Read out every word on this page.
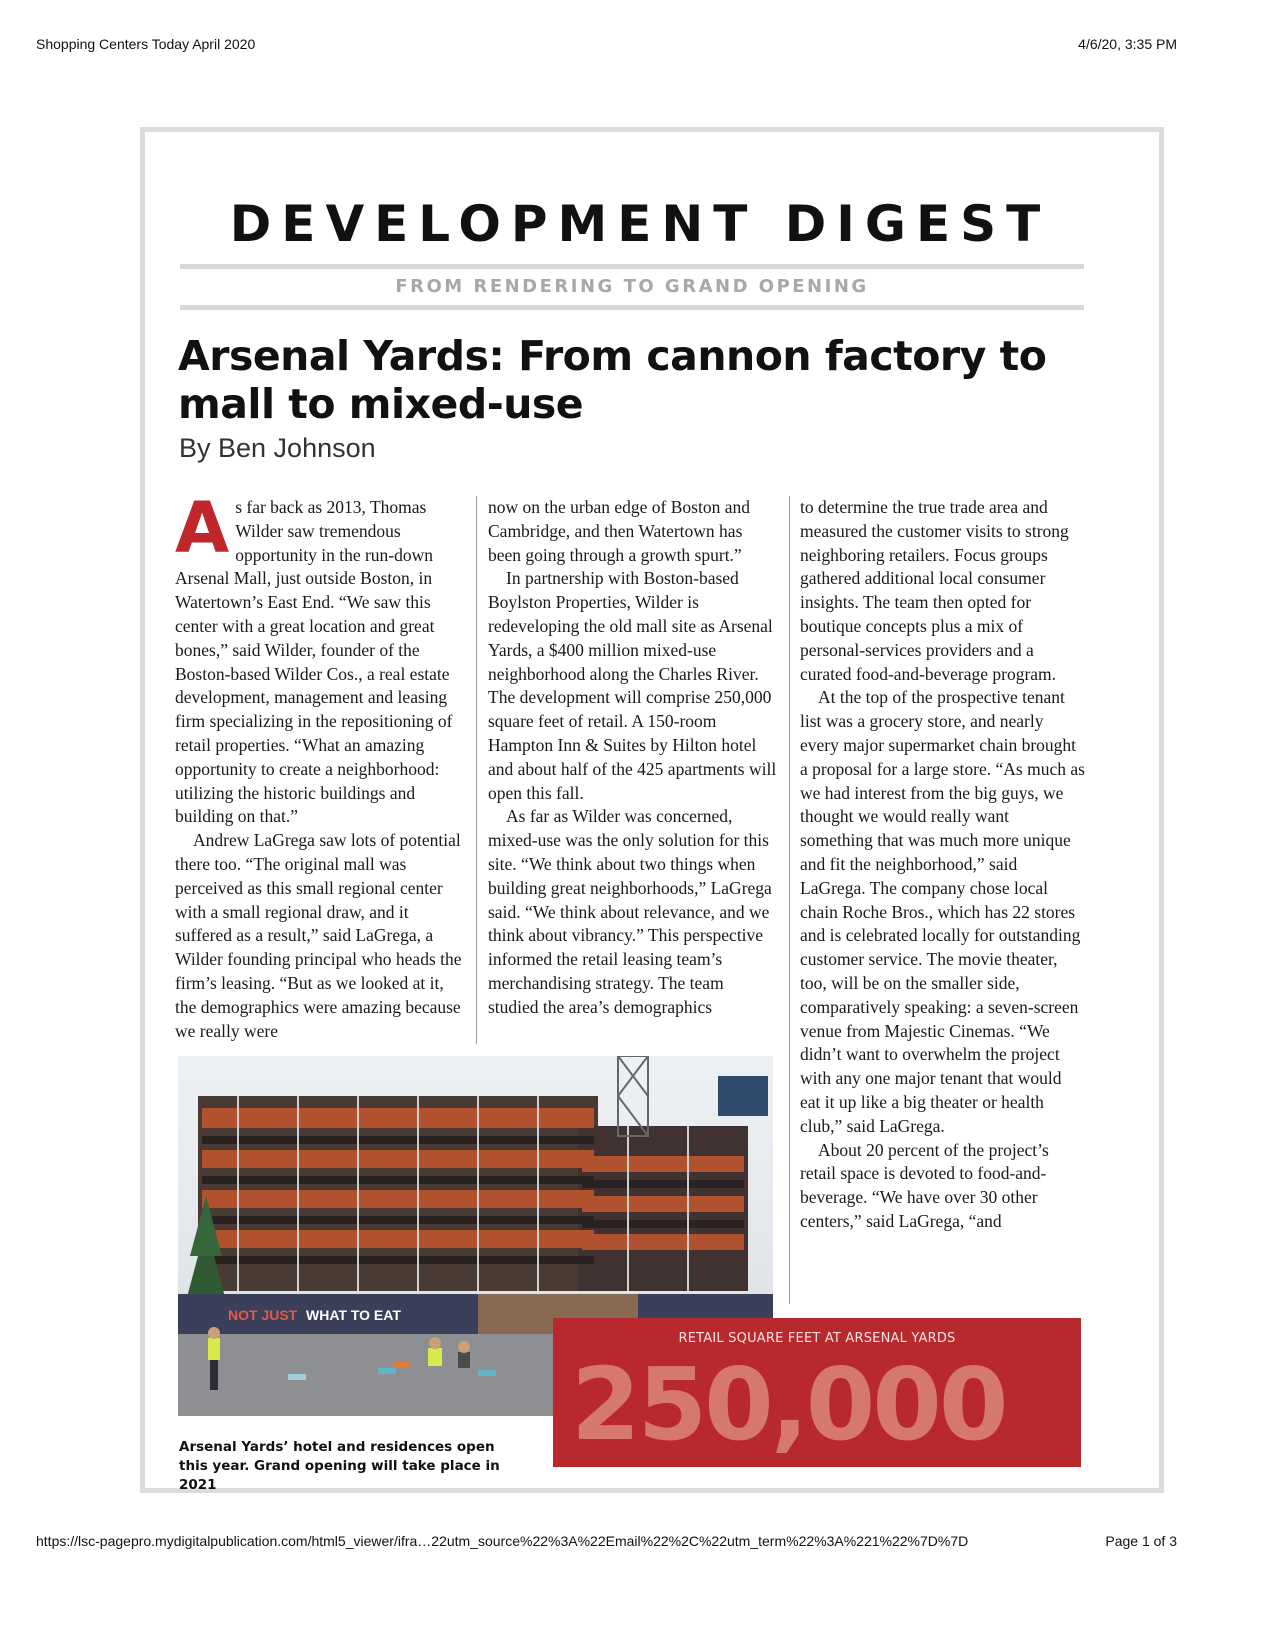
Shopping Centers Today April 2020	4/6/20, 3:35 PM
DEVELOPMENT DIGEST
FROM RENDERING TO GRAND OPENING
Arsenal Yards: From cannon factory to mall to mixed-use
By Ben Johnson
A s far back as 2013, Thomas Wilder saw tremendous opportunity in the run-down Arsenal Mall, just outside Boston, in Watertown’s East End. “We saw this center with a great location and great bones,” said Wilder, founder of the Boston-based Wilder Cos., a real estate development, management and leasing firm specializing in the repositioning of retail properties. “What an amazing opportunity to create a neighborhood: utilizing the historic buildings and building on that.”

Andrew LaGrega saw lots of potential there too. “The original mall was perceived as this small regional center with a small regional draw, and it suffered as a result,” said LaGrega, a Wilder founding principal who heads the firm’s leasing. “But as we looked at it, the demographics were amazing because we really were

now on the urban edge of Boston and Cambridge, and then Watertown has been going through a growth spurt.”

In partnership with Boston-based Boylston Properties, Wilder is redeveloping the old mall site as Arsenal Yards, a $400 million mixed-use neighborhood along the Charles River. The development will comprise 250,000 square feet of retail. A 150-room Hampton Inn & Suites by Hilton hotel and about half of the 425 apartments will open this fall.

As far as Wilder was concerned, mixed-use was the only solution for this site. “We think about two things when building great neighborhoods,” LaGrega said. “We think about relevance, and we think about vibrancy.” This perspective informed the retail leasing team’s merchandising strategy. The team studied the area’s demographics

to determine the true trade area and measured the customer visits to strong neighboring retailers. Focus groups gathered additional local consumer insights. The team then opted for boutique concepts plus a mix of personal-services providers and a curated food-and-beverage program.

At the top of the prospective tenant list was a grocery store, and nearly every major supermarket chain brought a proposal for a large store. “As much as we had interest from the big guys, we thought we would really want something that was much more unique and fit the neighborhood,” said LaGrega. The company chose local chain Roche Bros., which has 22 stores and is celebrated locally for outstanding customer service. The movie theater, too, will be on the smaller side, comparatively speaking: a seven-screen venue from Majestic Cinemas. “We didn’t want to overwhelm the project with any one major tenant that would eat it up like a big theater or health club,” said LaGrega.

About 20 percent of the project’s retail space is devoted to food-and-beverage. “We have over 30 other centers,” said LaGrega, “and

NOT JUST WHAT TO EAT
RETAIL SQUARE FEET AT ARSENAL YARDS
250,000
Arsenal Yards’ hotel and residences open this year. Grand opening will take place in 2021
https://lsc-pagepro.mydigitalpublication.com/html5_viewer/ifra…22utm_source%22%3A%22Email%22%2C%22utm_term%22%3A%221%22%7D%7D	Page 1 of 3
